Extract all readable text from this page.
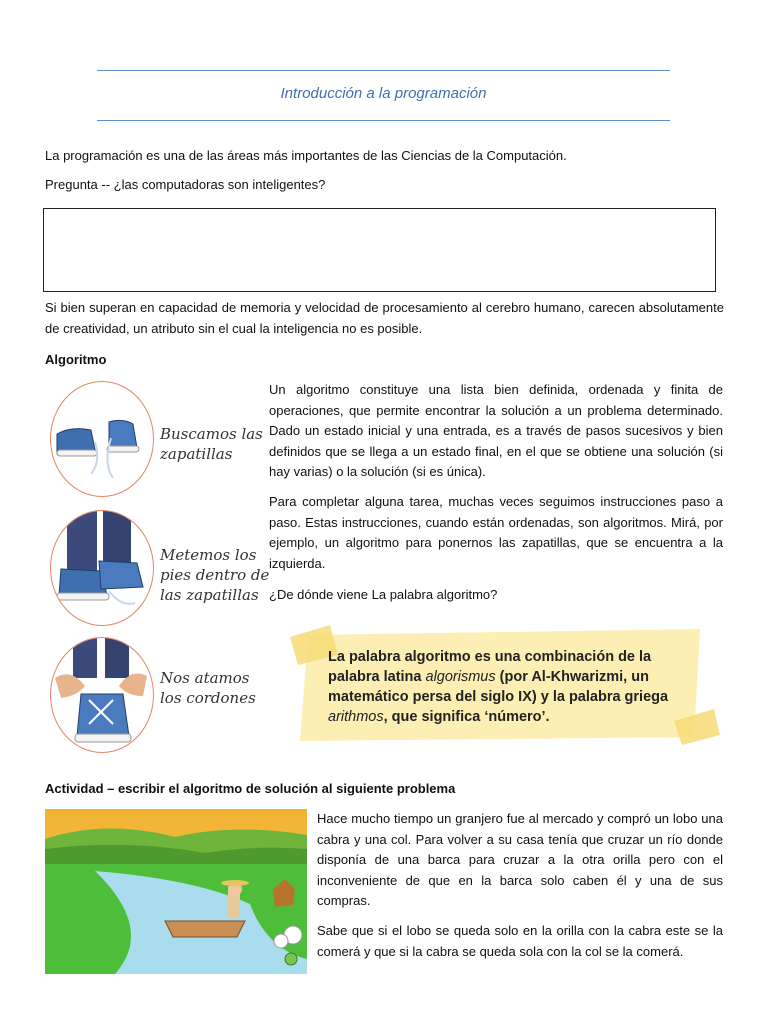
Introducción a la programación
La programación es una de las áreas más importantes de las Ciencias de la Computación.
Pregunta -- ¿las computadoras son inteligentes?
Si bien superan en capacidad de memoria y velocidad de procesamiento al cerebro humano, carecen absolutamente de creatividad, un atributo sin el cual la inteligencia no es posible.
Algoritmo
Buscamos las
zapatillas
Metemos los
pies dentro de
las zapatillas
Nos atamos
los cordones
Un algoritmo constituye una lista bien definida, ordenada y finita de operaciones, que permite encontrar la solución a un problema determinado. Dado un estado inicial y una entrada, es a través de pasos sucesivos y bien definidos que se llega a un estado final, en el que se obtiene una solución (si hay varias) o la solución (si es única).
Para completar alguna tarea, muchas veces seguimos instrucciones paso a paso. Estas instrucciones, cuando están ordenadas, son algoritmos. Mirá, por ejemplo, un algoritmo para ponernos las zapatillas, que se encuentra a la izquierda.
¿De dónde viene La palabra algoritmo?
La palabra algoritmo es una combinación de la palabra latina algorismus (por Al-Khwarizmi, un matemático persa del siglo IX) y la palabra griega arithmos, que significa ‘número’.
Actividad – escribir el algoritmo de solución al siguiente problema
Hace mucho tiempo un granjero fue al mercado y compró un lobo una cabra y una col. Para volver a su casa tenía que cruzar un río donde disponía de una barca para cruzar a la otra orilla pero con el inconveniente de que en la barca solo caben él y una de sus compras.
Sabe que si el lobo se queda solo en la orilla con la cabra este se la comerá y que si la cabra se queda sola con la col se la comerá.
